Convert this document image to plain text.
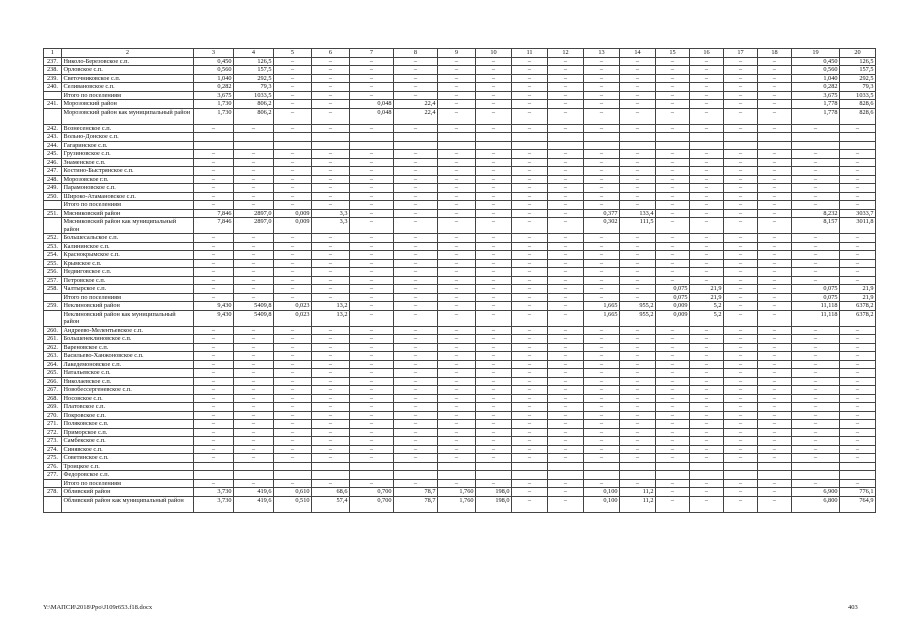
1	2	3	4	5	6	7	8	9	10	11	12	13	14	15	16	17	18	19	20
237.	Николо-Березовское с.п.	0,450	126,5	–	–	–	–	–	–	–	–	–	–	–	–	–	–	0,450	126,5
238.	Орловское с.п.	0,560	157,5	–	–	–	–	–	–	–	–	–	–	–	–	–	–	0,560	157,5
239.	Светочниковское с.п.	1,040	292,5	–	–	–	–	–	–	–	–	–	–	–	–	–	–	1,040	292,5
240.	Селивановское с.п.	0,282	79,3	–	–	–	–	–	–	–	–	–	–	–	–	–	–	0,282	79,3
	Итого по поселениям	3,675	1033,5	–	–	–	–	–	–	–	–	–	–	–	–	–	–	3,675	1033,5
241.	Морозовский район	1,730	806,2	–	–	0,048	22,4	–	–	–	–	–	–	–	–	–	–	1,778	828,6
	Морозовский район как муниципальный район	1,730	806,2	–	–	0,048	22,4	–	–	–	–	–	–	–	–	–	–	1,778	828,6
242.	Вознесенское с.п.	–	–	–	–	–	–	–	–	–	–	–	–	–	–	–	–	–	–
243.	Вольно-Донское с.п.																		
244.	Гагаринское с.п.																		
245.	Грузиновское с.п.	–	–	–	–	–	–	–	–	–	–	–	–	–	–	–	–	–	–
246.	Знаменское с.п.	–	–	–	–	–	–	–	–	–	–	–	–	–	–	–	–	–	–
247.	Костино-Быстрянское с.п.	–	–	–	–	–	–	–	–	–	–	–	–	–	–	–	–	–	–
248.	Морозовское г.п.	–	–	–	–	–	–	–	–	–	–	–	–	–	–	–	–	–	–
249.	Парамоновское с.п.	–	–	–	–	–	–	–	–	–	–	–	–	–	–	–	–	–	–
250.	Широко-Атамановское с.п.	–	–	–	–	–	–	–	–	–	–	–	–	–	–	–	–	–	–
	Итого по поселениям	–	–	–	–	–	–	–	–	–	–	–	–	–	–	–	–	–	–
251.	Мясниковский район	7,846	2897,0	0,009	3,3	–	–	–	–	–	–	0,377	133,4	–	–	–	–	8,232	3033,7
	Мясниковский район как муниципальный район	7,846	2897,0	0,009	3,3	–	–	–	–	–	–	0,302	111,5	–	–	–	–	8,157	3011,8
252.	Большесальское с.п.	–	–	–	–	–	–	–	–	–	–	–	–	–	–	–	–	–	–
253.	Калининское с.п.	–	–	–	–	–	–	–	–	–	–	–	–	–	–	–	–	–	–
254.	Краснокрымское с.п.	–	–	–	–	–	–	–	–	–	–	–	–	–	–	–	–	–	–
255.	Крымское с.п.	–	–	–	–	–	–	–	–	–	–	–	–	–	–	–	–	–	–
256.	Недвиговское с.п.	–	–	–	–	–	–	–	–	–	–	–	–	–	–	–	–	–	–
257.	Петровское с.п.	–	–	–	–	–	–	–	–	–	–	–	–	–	–	–	–	–	–
258.	Чалтырское с.п.	–	–	–	–	–	–	–	–	–	–	–	–	0,075	21,9	–	–	0,075	21,9
	Итого по поселениям	–	–	–	–	–	–	–	–	–	–	–	–	0,075	21,9	–	–	0,075	21,9
259.	Неклиновский район	9,430	5409,8	0,023	13,2	–	–	–	–	–	–	1,665	955,2	0,009	5,2	–	–	11,118	6378,2
	Неклиновский район как муниципальный район	9,430	5409,8	0,023	13,2	–	–	–	–	–	–	1,665	955,2	0,009	5,2	–	–	11,118	6378,2
260.	Андреево-Мелентьевское с.п.	–	–	–	–	–	–	–	–	–	–	–	–	–	–	–	–	–	–
261.	Большенеклиновское с.п.	–	–	–	–	–	–	–	–	–	–	–	–	–	–	–	–	–	–
262.	Вареновское с.п.	–	–	–	–	–	–	–	–	–	–	–	–	–	–	–	–	–	–
263.	Васильево-Ханжоновское с.п.	–	–	–	–	–	–	–	–	–	–	–	–	–	–	–	–	–	–
264.	Лакедемоновское с.п.	–	–	–	–	–	–	–	–	–	–	–	–	–	–	–	–	–	–
265.	Натальевское с.п.	–	–	–	–	–	–	–	–	–	–	–	–	–	–	–	–	–	–
266.	Николаевское с.п.	–	–	–	–	–	–	–	–	–	–	–	–	–	–	–	–	–	–
267.	Новобессергеневское с.п.	–	–	–	–	–	–	–	–	–	–	–	–	–	–	–	–	–	–
268.	Носовское с.п.	–	–	–	–	–	–	–	–	–	–	–	–	–	–	–	–	–	–
269.	Платовское с.п.	–	–	–	–	–	–	–	–	–	–	–	–	–	–	–	–	–	–
270.	Покровское с.п.	–	–	–	–	–	–	–	–	–	–	–	–	–	–	–	–	–	–
271.	Поляковское с.п.	–	–	–	–	–	–	–	–	–	–	–	–	–	–	–	–	–	–
272.	Приморское с.п.	–	–	–	–	–	–	–	–	–	–	–	–	–	–	–	–	–	–
273.	Самбекское с.п.	–	–	–	–	–	–	–	–	–	–	–	–	–	–	–	–	–	–
274.	Синявское с.п.	–	–	–	–	–	–	–	–	–	–	–	–	–	–	–	–	–	–
275.	Советинское с.п.	–	–	–	–	–	–	–	–	–	–	–	–	–	–	–	–	–	–
276.	Троицкое с.п.																		
277.	Федоровское с.п.																		
	Итого по поселениям	–	–	–	–	–	–	–	–	–	–	–	–	–	–	–	–	–	–
278.	Обливский район	3,730	419,6	0,610	68,6	0,700	78,7	1,760	198,0	–	–	0,100	11,2	–	–	–	–	6,900	776,1
	Обливский район как муниципальный район	3,730	419,6	0,510	57,4	0,700	78,7	1,760	198,0	–	–	0,100	11,2	–	–	–	–	6,800	764,9
Y:\МАПСИ\2018\Ppo\J109r653.f18.docx	403
